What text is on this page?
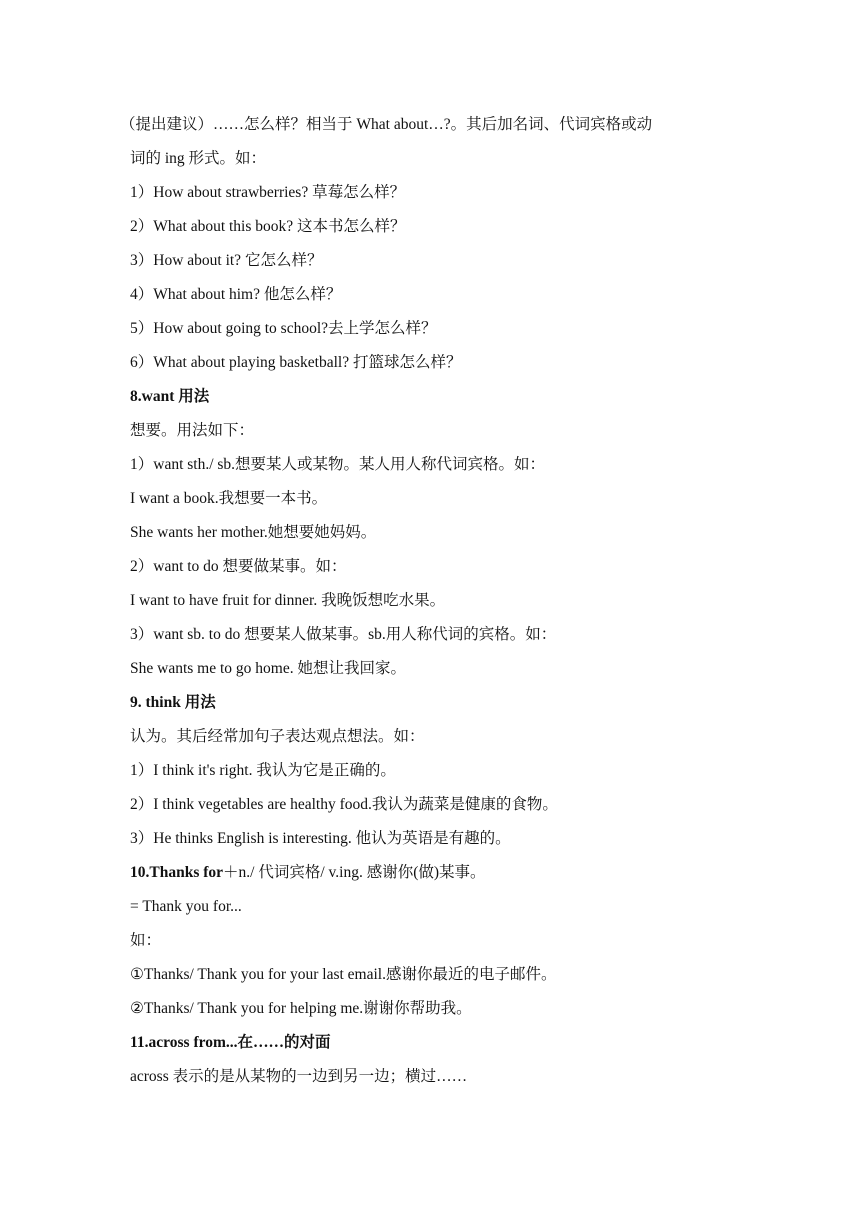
（提出建议）……怎么样？相当于 What about…?。其后加名词、代词宾格或动
词的 ing 形式。如：
1）How about strawberries? 草莓怎么样？
2）What about this book? 这本书怎么样？
3）How about it? 它怎么样？
4）What about him? 他怎么样？
5）How about going to school?去上学怎么样？
6）What about playing basketball? 打篮球怎么样？
8.want 用法
想要。用法如下：
1）want sth./ sb.想要某人或某物。某人用人称代词宾格。如：
I want a book.我想要一本书。
She wants her mother.她想要她妈妈。
2）want to do 想要做某事。如：
I want to have fruit for dinner. 我晚饭想吃水果。
3）want sb. to do 想要某人做某事。sb.用人称代词的宾格。如：
She wants me to go home. 她想让我回家。
9. think 用法
认为。其后经常加句子表达观点想法。如：
1）I think it's right. 我认为它是正确的。
2）I think vegetables are healthy food.我认为蔬菜是健康的食物。
3）He thinks English is interesting. 他认为英语是有趣的。
10.Thanks for＋n./ 代词宾格/ v.ing. 感谢你(做)某事。
= Thank you for...
如：
①Thanks/ Thank you for your last email.感谢你最近的电子邮件。
②Thanks/ Thank you for helping me.谢谢你帮助我。
11.across from...在……的对面
across 表示的是从某物的一边到另一边；横过……
